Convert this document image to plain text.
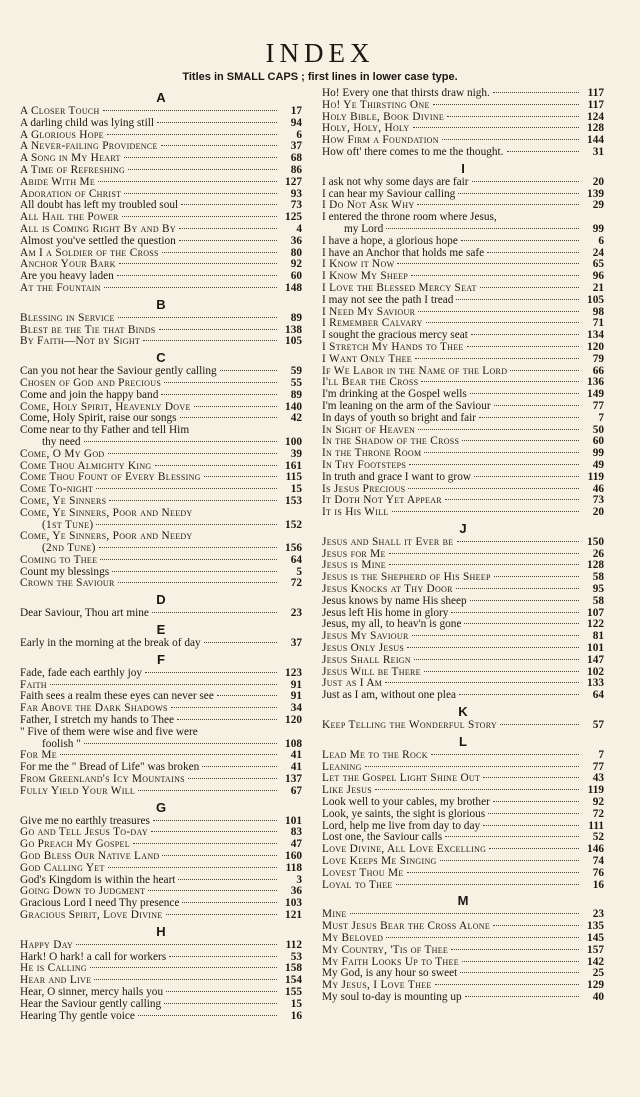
INDEX
Titles in SMALL CAPS ; first lines in lower case type.
A
A Closer Touch	17
A darling child was lying still	94
A Glorious Hope	6
A Never-failing Providence	37
A Song in My Heart	68
A Time of Refreshing	86
Abide With Me	127
Adoration of Christ	93
All doubt has left my troubled soul	73
All Hail the Power	125
All is Coming Right By and By	4
Almost you've settled the question	36
Am I a Soldier of the Cross	80
Anchor Your Bark	92
Are you heavy laden	60
At the Fountain	148
B
Blessing in Service	89
Blest be the Tie that Binds	138
By Faith—Not by Sight	105
C
Can you not hear the Saviour gently calling	59
Chosen of God and Precious	55
Come and join the happy band	89
Come, Holy Spirit, Heavenly Dove	140
Come, Holy Spirit, raise our songs	42
Come near to thy Father and tell Him
thy need	100
Come, O My God	39
Come Thou Almighty King	161
Come Thou Fount of Every Blessing	115
Come To-night	15
Come, Ye Sinners	153
Come, Ye Sinners, Poor and Needy
(1st Tune)	152
Come, Ye Sinners, Poor and Needy
(2nd Tune)	156
Coming to Thee	64
Count my blessings	5
Crown the Saviour	72
D
Dear Saviour, Thou art mine	23
E
Early in the morning at the break of day	37
F
Fade, fade each earthly joy	123
Faith	91
Faith sees a realm these eyes can never see	91
Far Above the Dark Shadows	34
Father, I stretch my hands to Thee	120
" Five of them were wise and five were
foolish "	108
For Me	41
For me the " Bread of Life" was broken	41
From Greenland's Icy Mountains	137
Fully Yield Your Will	67
G
Give me no earthly treasures	101
Go and Tell Jesus To-day	83
Go Preach My Gospel	47
God Bless Our Native Land	160
God Calling Yet	118
God's Kingdom is within the heart	3
Going Down to Judgment	36
Gracious Lord I need Thy presence	103
Gracious Spirit, Love Divine	121
H
Happy Day	112
Hark! O hark! a call for workers	53
He is Calling	158
Hear and Live	154
Hear, O sinner, mercy hails you	155
Hear the Saviour gently calling	15
Hearing Thy gentle voice	16
Ho! Every one that thirsts draw nigh.	117
Ho! Ye Thirsting One	117
Holy Bible, Book Divine	124
Holy, Holy, Holy	128
How Firm a Foundation	144
How oft' there comes to me the thought.	31
I
I ask not why some days are fair	20
I can hear my Saviour calling	139
I Do Not Ask Why	29
I entered the throne room where Jesus,
my Lord	99
I have a hope, a glorious hope	6
I have an Anchor that holds me safe	24
I Know it Now	65
I Know My Sheep	96
I Love the Blessed Mercy Seat	21
I may not see the path I tread	105
I Need My Saviour	98
I Remember Calvary	71
I sought the gracious mercy seat	134
I Stretch My Hands to Thee	120
I Want Only Thee	79
If We Labor in the Name of the Lord	66
I'll Bear the Cross	136
I'm drinking at the Gospel wells	149
I'm leaning on the arm of the Saviour	77
In days of youth so bright and fair	7
In Sight of Heaven	50
In the Shadow of the Cross	60
In the Throne Room	99
In Thy Footsteps	49
In truth and grace I want to grow	119
Is Jesus Precious	46
It Doth Not Yet Appear	73
It is His Will	20
J
Jesus and Shall it Ever be	150
Jesus for Me	26
Jesus is Mine	128
Jesus is the Shepherd of His Sheep	58
Jesus Knocks at Thy Door	95
Jesus knows by name His sheep	58
Jesus left His home in glory	107
Jesus, my all, to heav'n is gone	122
Jesus My Saviour	81
Jesus Only Jesus	101
Jesus Shall Reign	147
Jesus Will be There	102
Just as I Am	133
Just as I am, without one plea	64
K
Keep Telling the Wonderful Story	57
L
Lead Me to the Rock	7
Leaning	77
Let the Gospel Light Shine Out	43
Like Jesus	119
Look well to your cables, my brother	92
Look, ye saints, the sight is glorious	72
Lord, help me live from day to day	111
Lost one, the Saviour calls	52
Love Divine, All Love Excelling	146
Love Keeps Me Singing	74
Lovest Thou Me	76
Loyal to Thee	16
M
Mine	23
Must Jesus Bear the Cross Alone	135
My Beloved	145
My Country, 'Tis of Thee	157
My Faith Looks Up to Thee	142
My God, is any hour so sweet	25
My Jesus, I Love Thee	129
My soul to-day is mounting up	40
